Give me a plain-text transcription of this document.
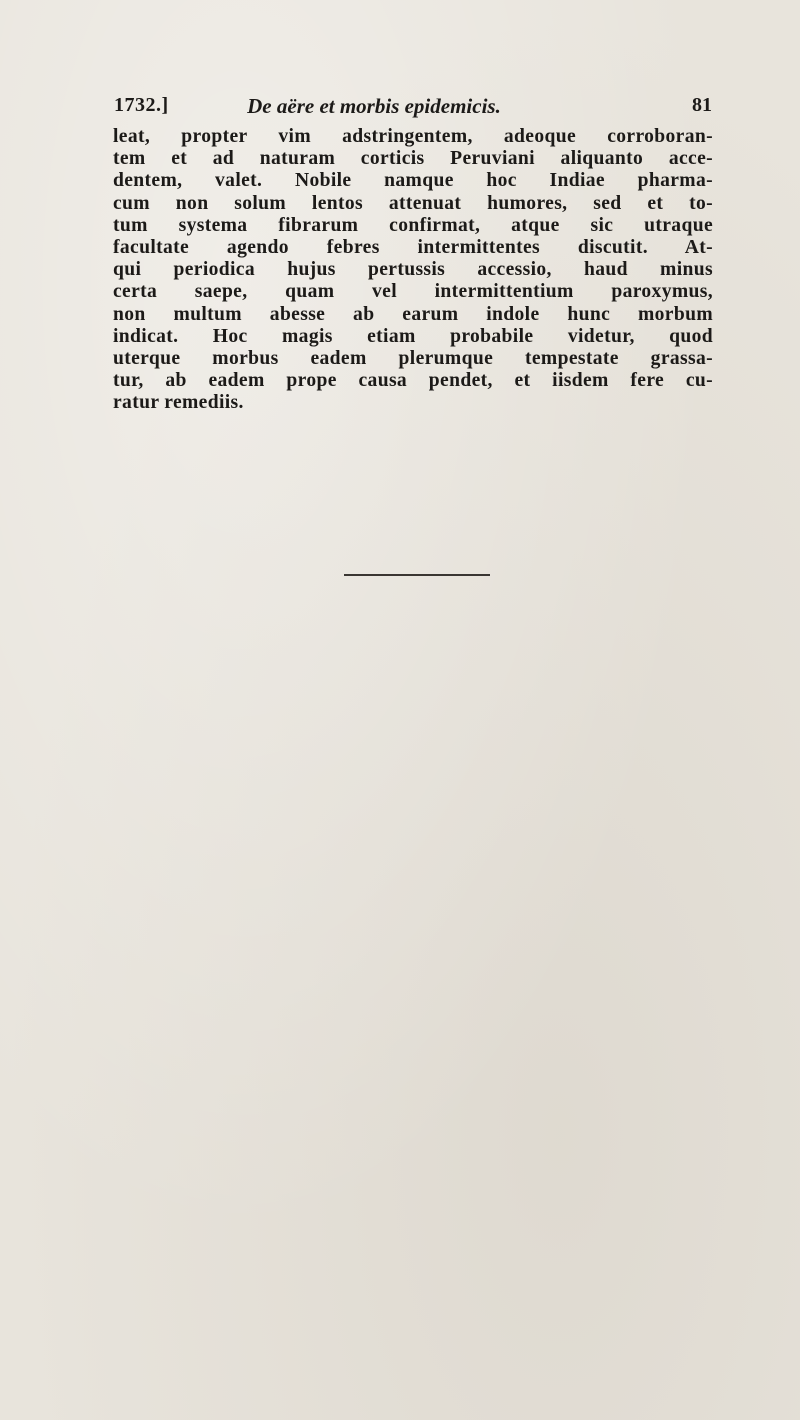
1732.]	De aëre et morbis epidemicis.	81
leat, propter vim adstringentem, adeoque corroboran-
tem et ad naturam corticis Peruviani aliquanto acce-
dentem, valet. Nobile namque hoc Indiae pharma-
cum non solum lentos attenuat humores, sed et to-
tum systema fibrarum confirmat, atque sic utraque
facultate agendo febres intermittentes discutit. At-
qui periodica hujus pertussis accessio, haud minus
certa saepe, quam vel intermittentium paroxymus,
non multum abesse ab earum indole hunc morbum
indicat. Hoc magis etiam probabile videtur, quod
uterque morbus eadem plerumque tempestate grassa-
tur, ab eadem prope causa pendet, et iisdem fere cu-
ratur remediis.
